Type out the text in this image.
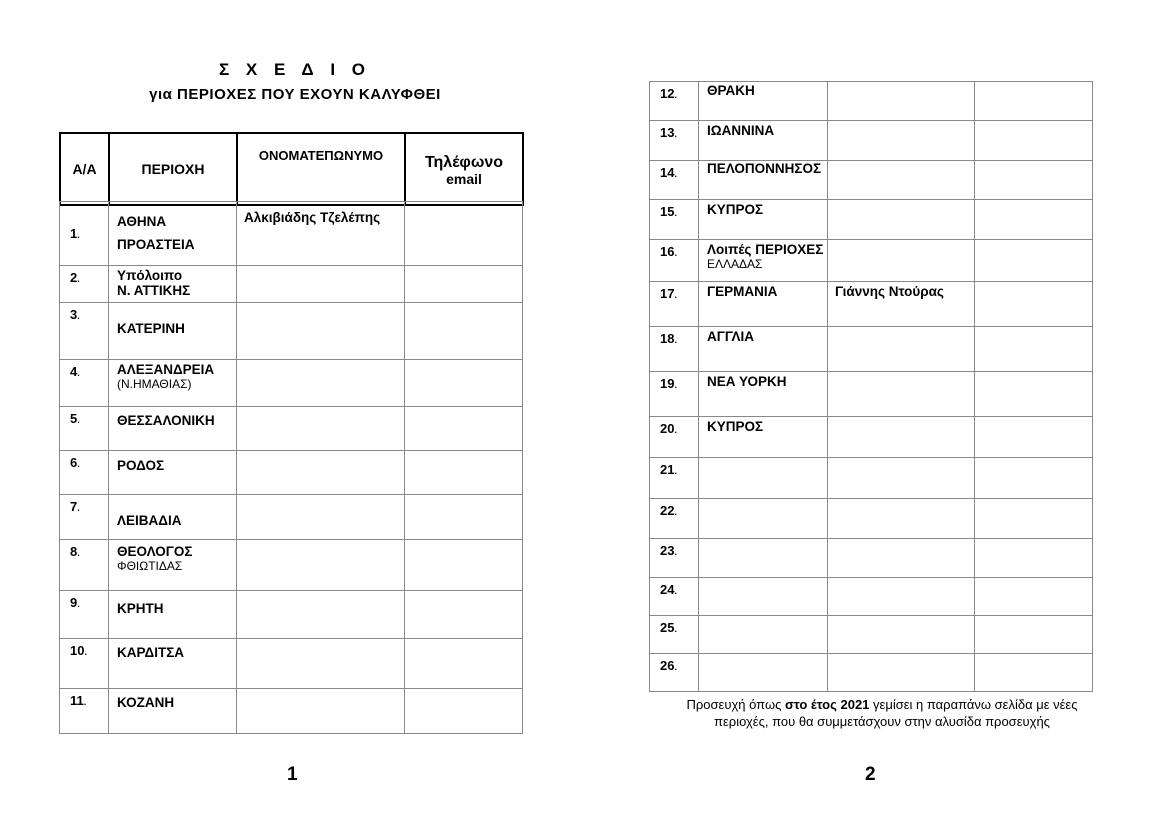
Σ Χ Ε Δ Ι Ο
για ΠΕΡΙΟΧΕΣ ΠΟΥ ΕΧΟΥΝ ΚΑΛΥΦΘΕΙ
Α/Α	ΠΕΡΙΟΧΗ	ΟΝΟΜΑΤΕΠΩΝΥΜΟ	Τηλέφωνο
email
1.	ΑΘΗΝΑ
ΠΡΟΑΣΤΕΙΑ	Αλκιβιάδης Τζελέπης	
2.	Υπόλοιπο
Ν. ΑΤΤΙΚΗΣ		

3.	ΚΑΤΕΡΙΝΗ		

4.	ΑΛΕΞΑΝΔΡΕΙΑ
(Ν.ΗΜΑΘΙΑΣ)		

5.	ΘΕΣΣΑΛΟΝΙΚΗ		

6.	ΡΟΔΟΣ		

7.	ΛΕΙΒΑΔΙΑ		

8.	ΘΕΟΛΟΓΟΣ
ΦΘΙΩΤΙΔΑΣ		

9.	ΚΡΗΤΗ		

10.	ΚΑΡΔΙΤΣΑ		

11.	ΚΟΖΑΝΗ		

12.	ΘΡΑΚΗ		

13.	ΙΩΑΝΝΙΝΑ		

14.	ΠΕΛΟΠΟΝΝΗΣΟΣ		

15.	ΚΥΠΡΟΣ		

16.	Λοιπές ΠΕΡΙΟΧΕΣ
ΕΛΛΑΔΑΣ		

17.	ΓΕΡΜΑΝΙΑ	Γιάννης Ντούρας	
18.	ΑΓΓΛΙΑ		

19.	ΝΕΑ ΥΟΡΚΗ		

20.	ΚΥΠΡΟΣ		

21.			
22.			
23.			
24.			
25.			
26.			
Προσευχή όπως στο έτος 2021 γεμίσει η παραπάνω σελίδα με νέες περιοχές, που θα συμμετάσχουν στην αλυσίδα προσευχής
1	2
